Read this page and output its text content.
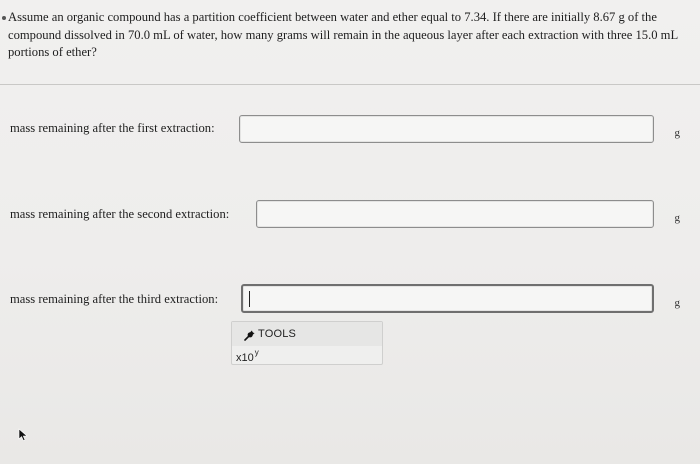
Assume an organic compound has a partition coefficient between water and ether equal to 7.34. If there are initially 8.67 g of the compound dissolved in 70.0 mL of water, how many grams will remain in the aqueous layer after each extraction with three 15.0 mL portions of ether?
mass remaining after the first extraction:	g
mass remaining after the second extraction:	g
mass remaining after the third extraction:	g
TOOLS
x10$^y$
